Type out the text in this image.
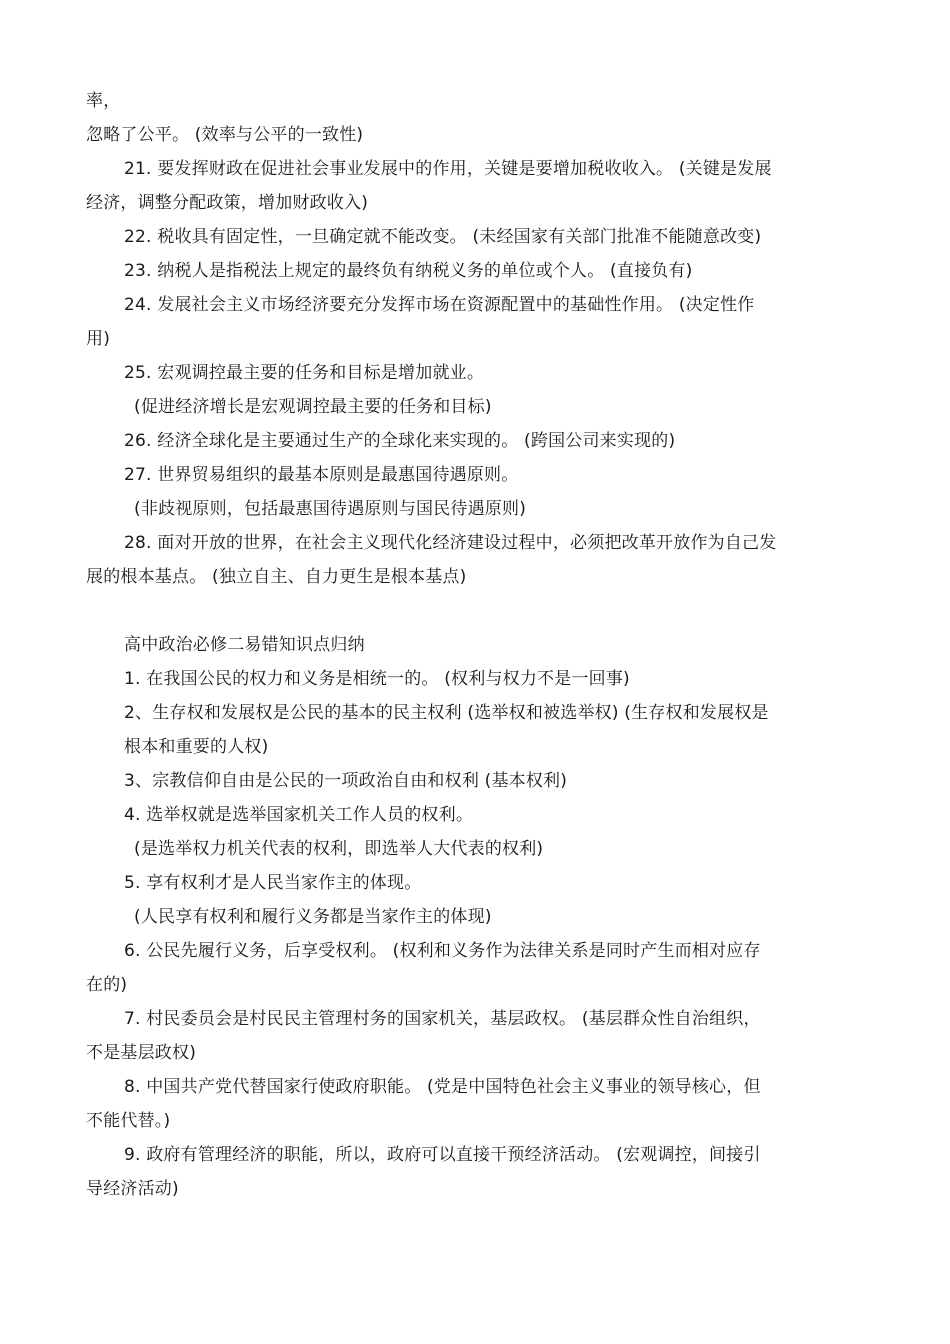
率，
忽略了公平。 (效率与公平的一致性)
21. 要发挥财政在促进社会事业发展中的作用，关键是要增加税收收入。 (关键是发展
经济，调整分配政策，增加财政收入)
22. 税收具有固定性，一旦确定就不能改变。 (未经国家有关部门批准不能随意改变)
23. 纳税人是指税法上规定的最终负有纳税义务的单位或个人。 (直接负有)
24. 发展社会主义市场经济要充分发挥市场在资源配置中的基础性作用。 (决定性作
用)
25. 宏观调控最主要的任务和目标是增加就业。
(促进经济增长是宏观调控最主要的任务和目标)
26. 经济全球化是主要通过生产的全球化来实现的。 (跨国公司来实现的)
27. 世界贸易组织的最基本原则是最惠国待遇原则。
(非歧视原则，包括最惠国待遇原则与国民待遇原则)
28. 面对开放的世界，在社会主义现代化经济建设过程中，必须把改革开放作为自己发
展的根本基点。 (独立自主、自力更生是根本基点)
高中政治必修二易错知识点归纳
1. 在我国公民的权力和义务是相统一的。 (权利与权力不是一回事)
2、生存权和发展权是公民的基本的民主权利 (选举权和被选举权) (生存权和发展权是
根本和重要的人权)
3、宗教信仰自由是公民的一项政治自由和权利 (基本权利)
4. 选举权就是选举国家机关工作人员的权利。
(是选举权力机关代表的权利，即选举人大代表的权利)
5. 享有权利才是人民当家作主的体现。
(人民享有权利和履行义务都是当家作主的体现)
6. 公民先履行义务，后享受权利。 (权利和义务作为法律关系是同时产生而相对应存
在的)
7. 村民委员会是村民民主管理村务的国家机关，基层政权。 (基层群众性自治组织，
不是基层政权)
8. 中国共产党代替国家行使政府职能。 (党是中国特色社会主义事业的领导核心，但
不能代替。)
9. 政府有管理经济的职能，所以，政府可以直接干预经济活动。 (宏观调控，间接引
导经济活动)
